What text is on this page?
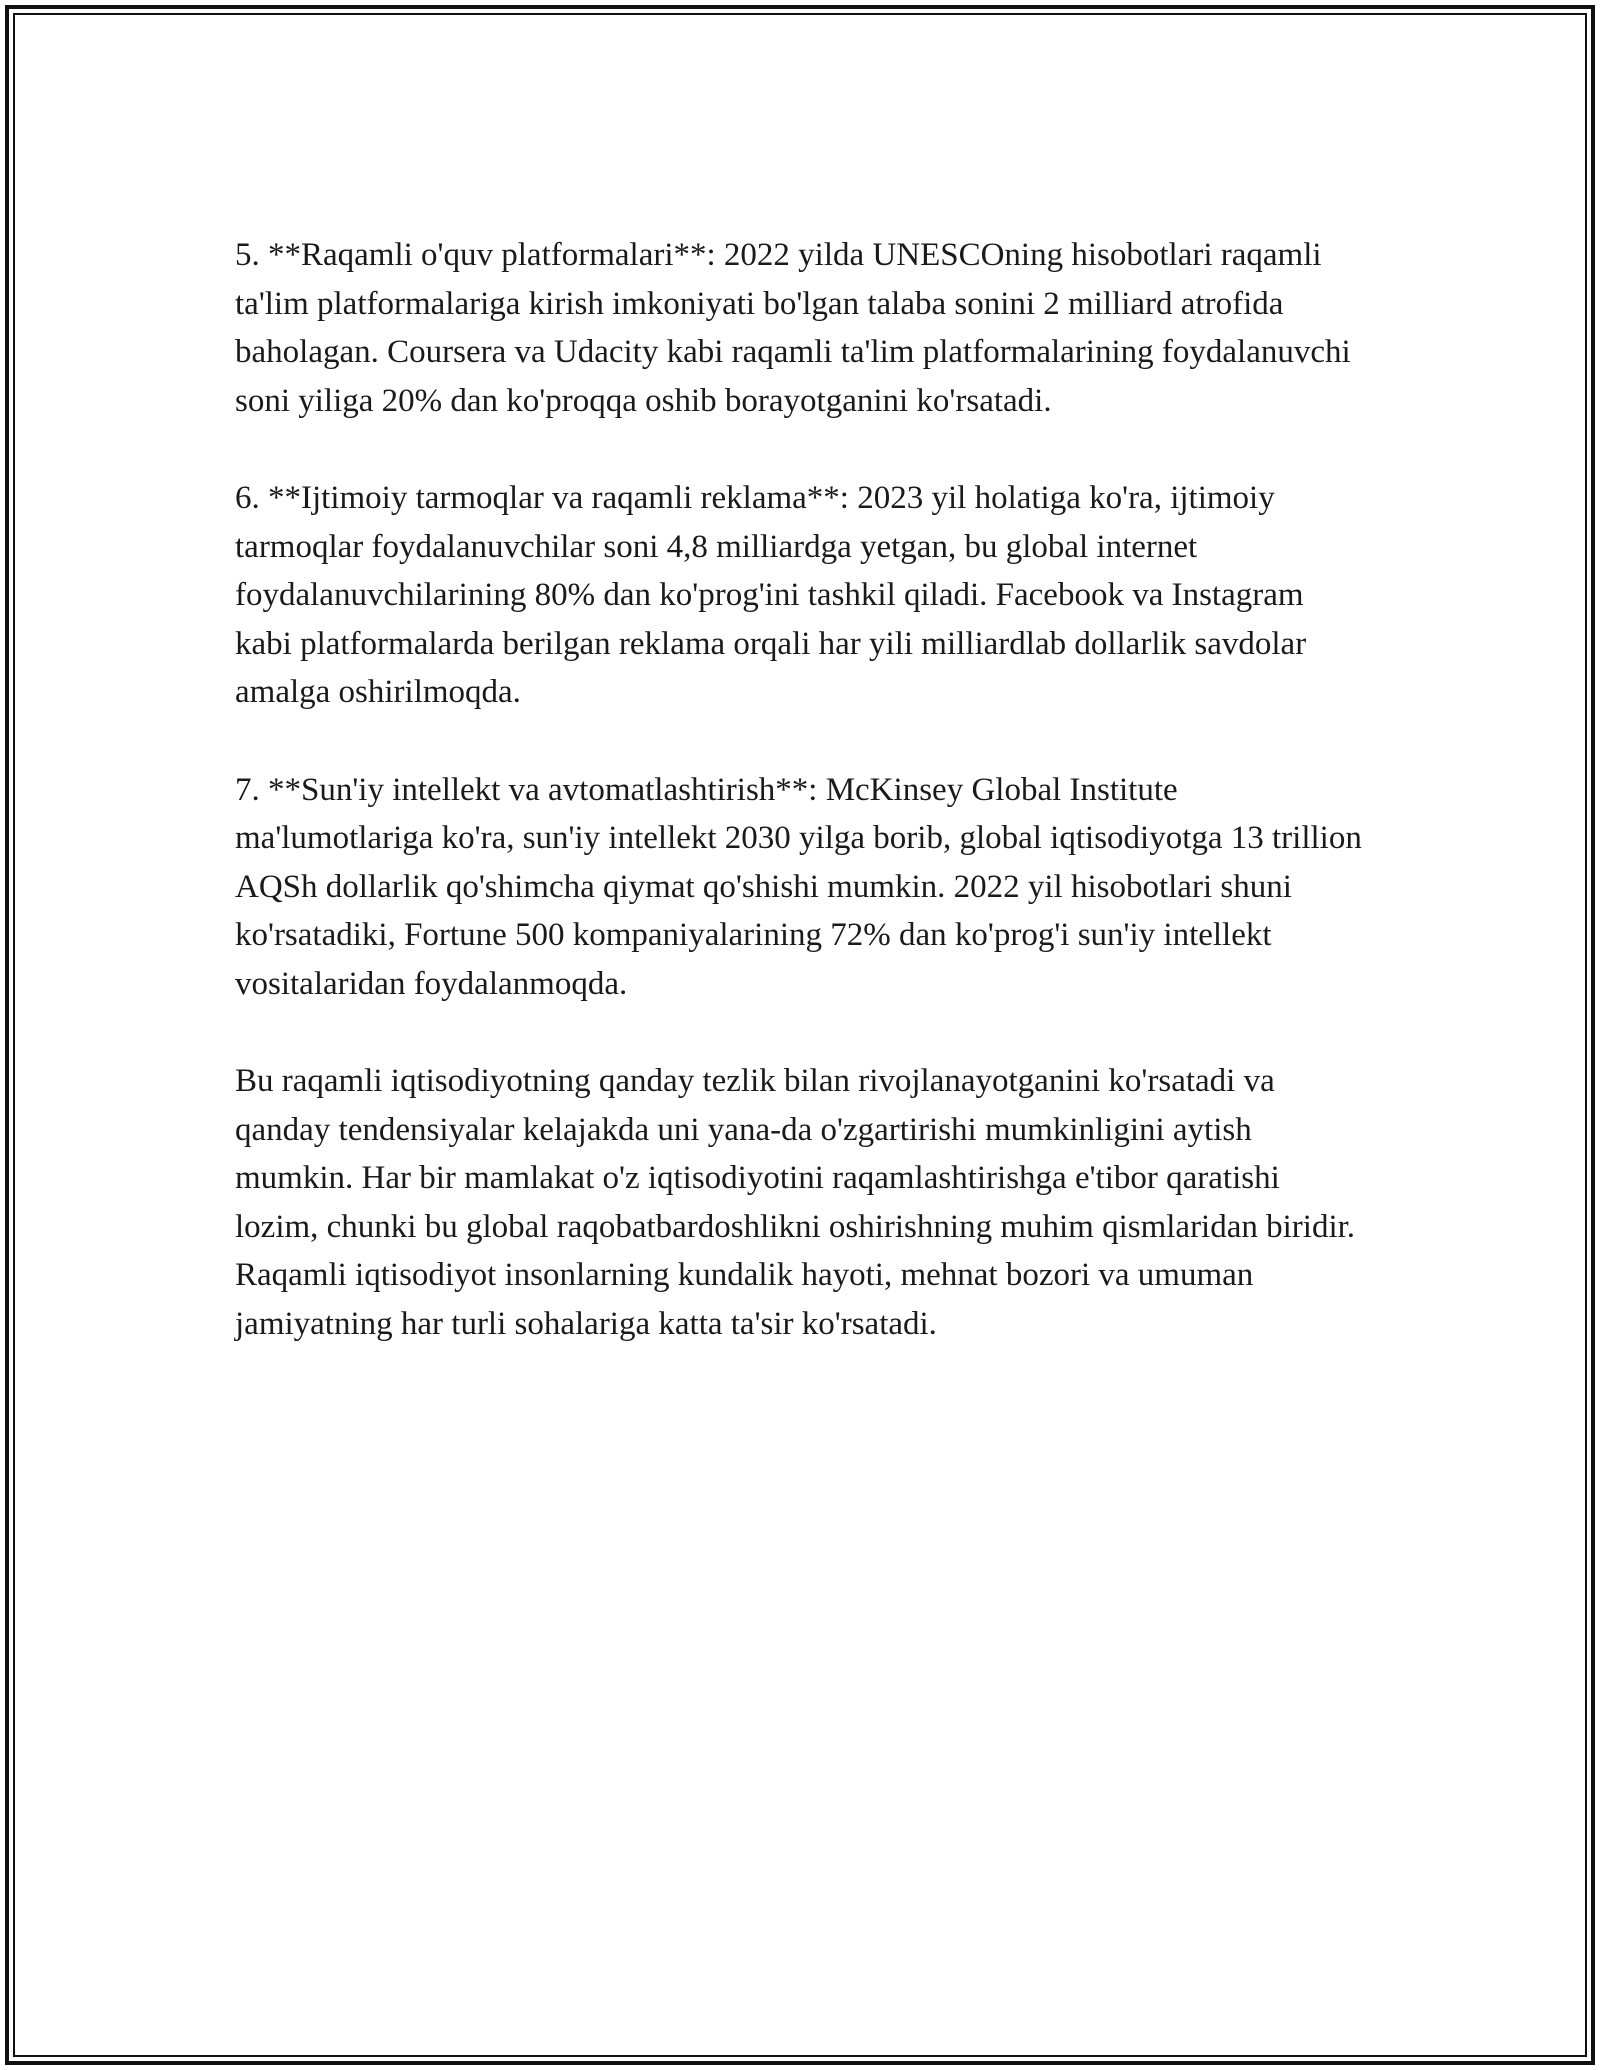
5. **Raqamli o'quv platformalari**: 2022 yilda UNESCOning hisobotlari raqamli ta'lim platformalariga kirish imkoniyati bo'lgan talaba sonini 2 milliard atrofida baholagan. Coursera va Udacity kabi raqamli ta'lim platformalarining foydalanuvchi soni yiliga 20% dan ko'proqqa oshib borayotganini ko'rsatadi.

6. **Ijtimoiy tarmoqlar va raqamli reklama**: 2023 yil holatiga ko'ra, ijtimoiy tarmoqlar foydalanuvchilar soni 4,8 milliardga yetgan, bu global internet foydalanuvchilarining 80% dan ko'prog'ini tashkil qiladi. Facebook va Instagram kabi platformalarda berilgan reklama orqali har yili milliardlab dollarlik savdolar amalga oshirilmoqda.

7. **Sun'iy intellekt va avtomatlashtirish**: McKinsey Global Institute ma'lumotlariga ko'ra, sun'iy intellekt 2030 yilga borib, global iqtisodiyotga 13 trillion AQSh dollarlik qo'shimcha qiymat qo'shishi mumkin. 2022 yil hisobotlari shuni ko'rsatadiki, Fortune 500 kompaniyalarining 72% dan ko'prog'i sun'iy intellekt vositalaridan foydalanmoqda.

Bu raqamli iqtisodiyotning qanday tezlik bilan rivojlanayotganini ko'rsatadi va qanday tendensiyalar kelajakda uni yana-da o'zgartirishi mumkinligini aytish mumkin. Har bir mamlakat o'z iqtisodiyotini raqamlashtirishga e'tibor qaratishi lozim, chunki bu global raqobatbardoshlikni oshirishning muhim qismlaridan biridir. Raqamli iqtisodiyot insonlarning kundalik hayoti, mehnat bozori va umuman jamiyatning har turli sohalariga katta ta'sir ko'rsatadi.
